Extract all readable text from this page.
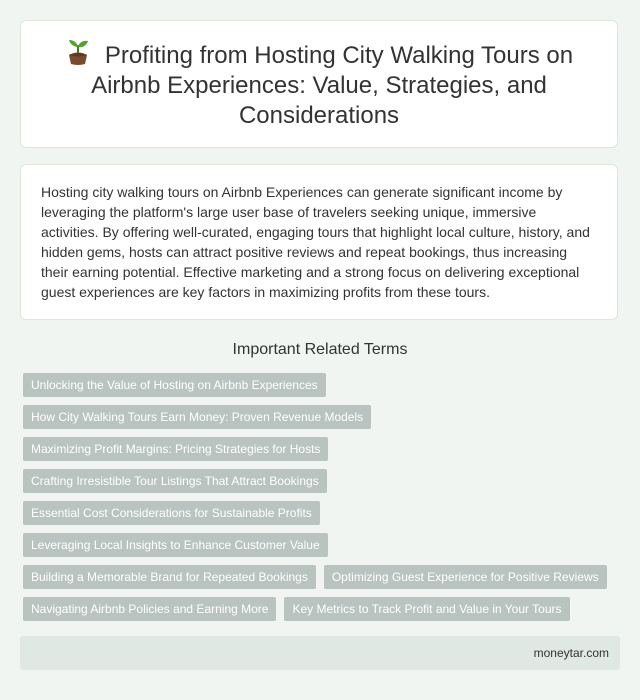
Profiting from Hosting City Walking Tours on Airbnb Experiences: Value, Strategies, and Considerations

Hosting city walking tours on Airbnb Experiences can generate significant income by leveraging the platform's large user base of travelers seeking unique, immersive activities. By offering well-curated, engaging tours that highlight local culture, history, and hidden gems, hosts can attract positive reviews and repeat bookings, thus increasing their earning potential. Effective marketing and a strong focus on delivering exceptional guest experiences are key factors in maximizing profits from these tours.

Important Related Terms
Unlocking the Value of Hosting on Airbnb Experiences
How City Walking Tours Earn Money: Proven Revenue Models
Maximizing Profit Margins: Pricing Strategies for Hosts
Crafting Irresistible Tour Listings That Attract Bookings
Essential Cost Considerations for Sustainable Profits
Leveraging Local Insights to Enhance Customer Value
Building a Memorable Brand for Repeated Bookings	Optimizing Guest Experience for Positive Reviews
Navigating Airbnb Policies and Earning More	Key Metrics to Track Profit and Value in Your Tours
moneytar.com
